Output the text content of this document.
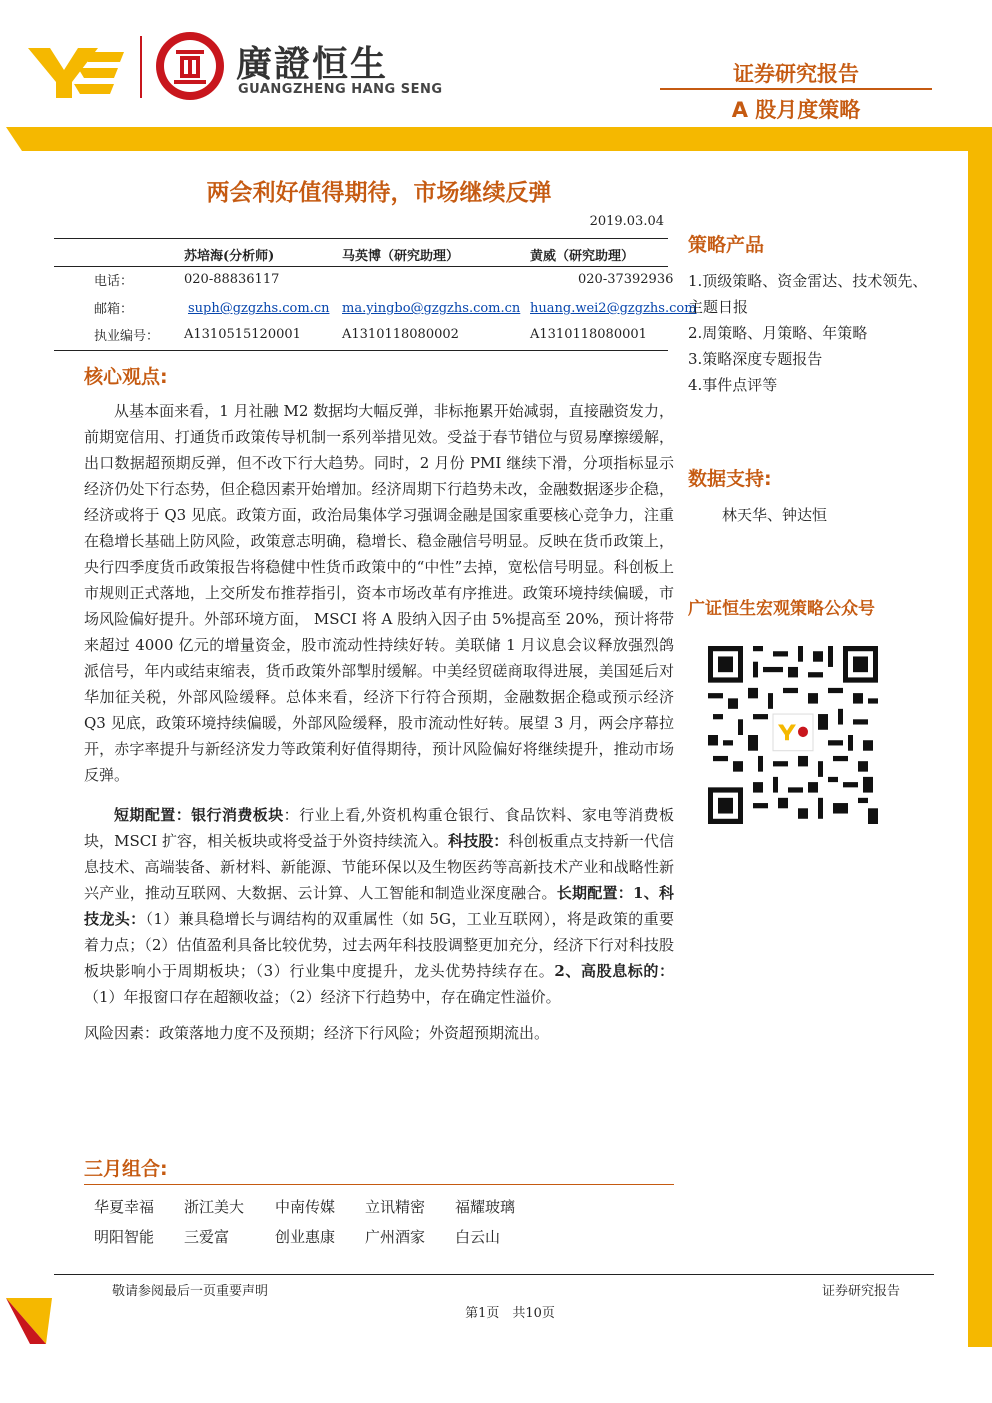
廣證恒生
GUANGZHENG HANG SENG
证券研究报告
A 股月度策略
两会利好值得期待，市场继续反弹
2019.03.04
苏培海(分析师)	马英博（研究助理）	黄威（研究助理）
电话：	020-88836117	020-37392936
邮箱：	suph@gzgzhs.com.cn ma.yingbo@gzgzhs.com.cn huang.wei2@gzgzhs.com
执业编号： A1310515120001	A1310118080002	A1310118080001
核心观点:

从基本面来看，1 月社融 M2 数据均大幅反弹，非标拖累开始减弱，直接融资发力，前期宽信用、打通货币政策传导机制一系列举措见效。受益于春节错位与贸易摩擦缓解，出口数据超预期反弹，但不改下行大趋势。同时，2 月份 PMI 继续下滑，分项指标显示经济仍处下行态势，但企稳因素开始增加。经济周期下行趋势未改，金融数据逐步企稳，经济或将于 Q3 见底。政策方面，政治局集体学习强调金融是国家重要核心竞争力，注重在稳增长基础上防风险，政策意志明确，稳增长、稳金融信号明显。反映在货币政策上，央行四季度货币政策报告将稳健中性货币政策中的“中性”去掉，宽松信号明显。科创板上市规则正式落地，上交所发布推荐指引，资本市场改革有序推进。政策环境持续偏暖，市场风险偏好提升。外部环境方面， MSCI 将 A 股纳入因子由 5%提高至 20%，预计将带来超过 4000 亿元的增量资金，股市流动性持续好转。美联储 1 月议息会议释放强烈鸽派信号，年内或结束缩表，货币政策外部掣肘缓解。中美经贸磋商取得进展，美国延后对华加征关税，外部风险缓释。总体来看，经济下行符合预期，金融数据企稳或预示经济 Q3 见底，政策环境持续偏暖，外部风险缓释，股市流动性好转。展望 3 月，两会序幕拉开，赤字率提升与新经济发力等政策利好值得期待，预计风险偏好将继续提升，推动市场反弹。

短期配置：银行消费板块：行业上看,外资机构重仓银行、食品饮料、家电等消费板块，MSCI 扩容，相关板块或将受益于外资持续流入。科技股：科创板重点支持新一代信息技术、高端装备、新材料、新能源、节能环保以及生物医药等高新技术产业和战略性新兴产业，推动互联网、大数据、云计算、人工智能和制造业深度融合。长期配置：1、科技龙头：（1）兼具稳增长与调结构的双重属性（如 5G，工业互联网），将是政策的重要着力点；（2）估值盈利具备比较优势，过去两年科技股调整更加充分，经济下行对科技股板块影响小于周期板块；（3）行业集中度提升，龙头优势持续存在。2、高股息标的：（1）年报窗口存在超额收益；（2）经济下行趋势中，存在确定性溢价。

风险因素：政策落地力度不及预期；经济下行风险；外资超预期流出。

三月组合:
华夏幸福 浙江美大 中南传媒 立讯精密 福耀玻璃
明阳智能 三爱富	创业惠康 广州酒家 白云山
策略产品
1.顶级策略、资金雷达、技术领先、
主题日报
2.周策略、月策略、年策略
3.策略深度专题报告
4.事件点评等
数据支持:
林天华、钟达恒
广证恒生宏观策略公众号
敬请参阅最后一页重要声明	证券研究报告
第1页　共10页
